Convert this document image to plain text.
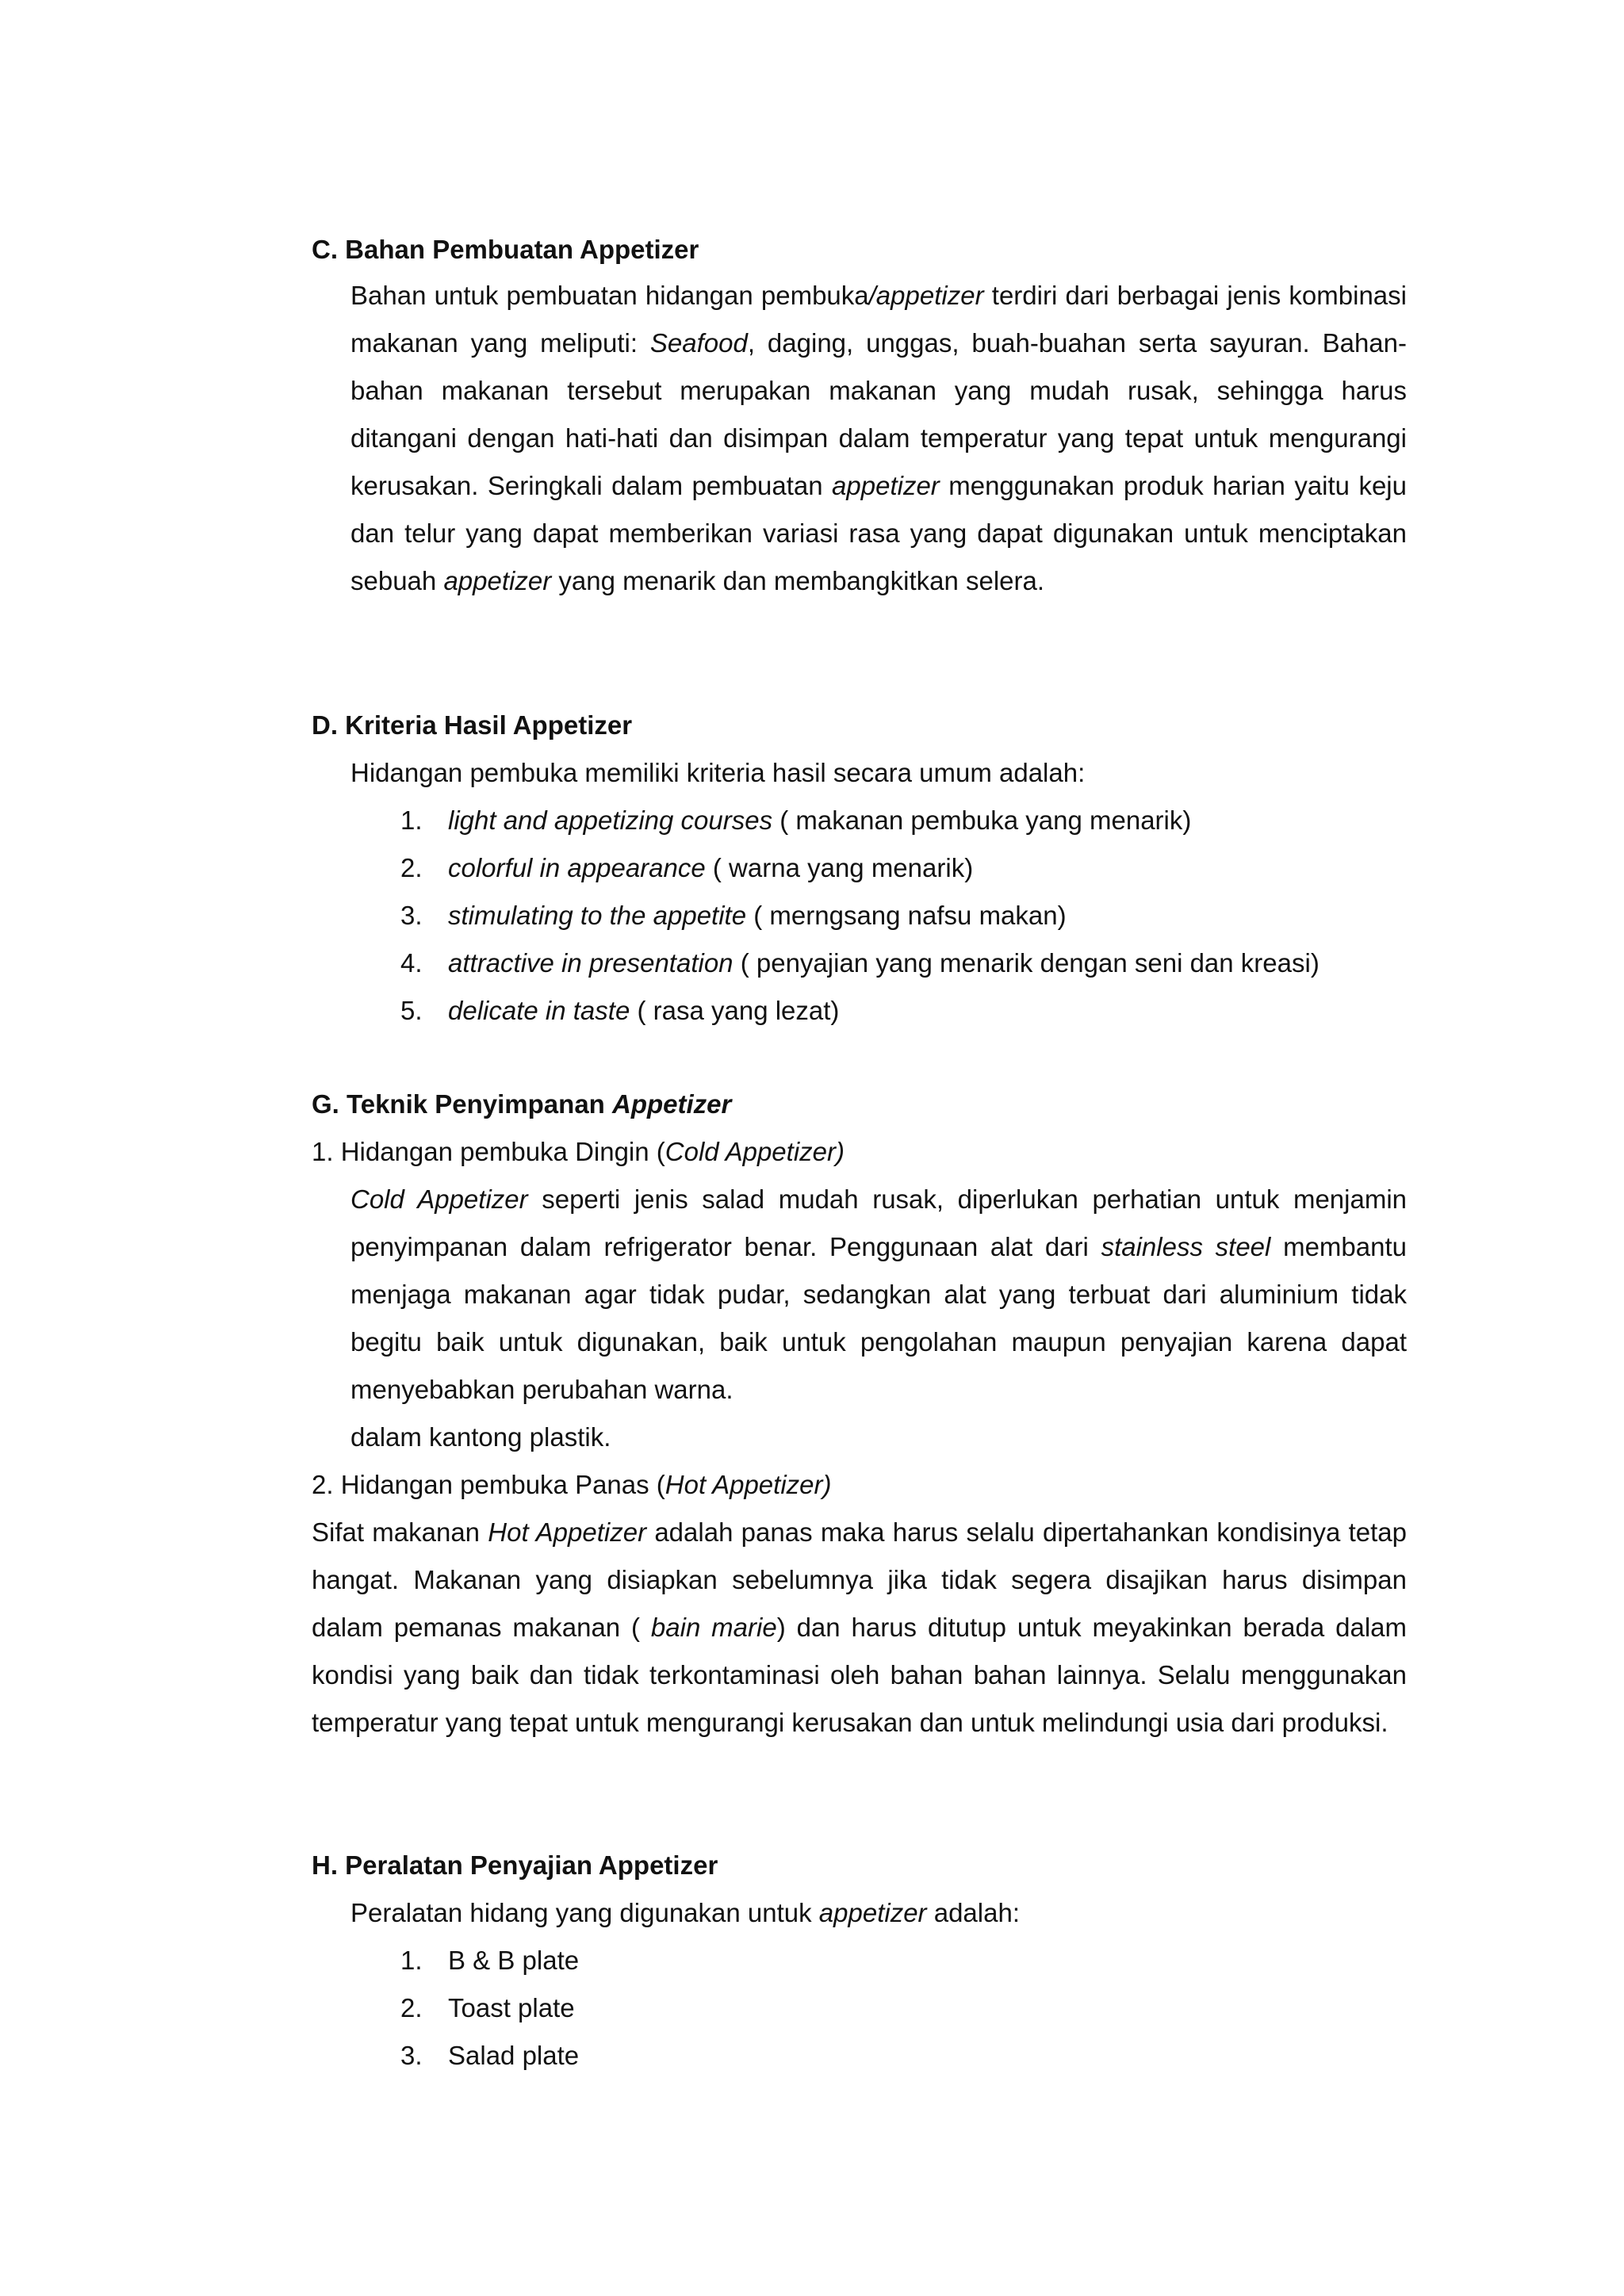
C. Bahan Pembuatan Appetizer
Bahan untuk pembuatan hidangan pembuka/appetizer terdiri dari berbagai jenis kombinasi makanan yang meliputi: Seafood, daging, unggas, buah-buahan serta sayuran. Bahan-bahan makanan tersebut merupakan makanan yang mudah rusak, sehingga harus ditangani dengan hati-hati dan disimpan dalam temperatur yang tepat untuk mengurangi kerusakan. Seringkali dalam pembuatan appetizer menggunakan produk harian yaitu keju dan telur yang dapat memberikan variasi rasa yang dapat digunakan untuk menciptakan sebuah appetizer yang menarik dan membangkitkan selera.
D. Kriteria Hasil Appetizer
Hidangan pembuka memiliki kriteria hasil secara umum adalah:
1. light and appetizing courses ( makanan pembuka yang menarik)
2. colorful in appearance ( warna yang menarik)
3. stimulating to the appetite ( merngsang nafsu makan)
4. attractive in presentation ( penyajian yang menarik dengan seni dan kreasi)
5. delicate in taste ( rasa yang lezat)
G. Teknik Penyimpanan Appetizer
1. Hidangan pembuka Dingin (Cold Appetizer)
Cold Appetizer seperti jenis salad mudah rusak, diperlukan perhatian untuk menjamin penyimpanan dalam refrigerator benar. Penggunaan alat dari stainless steel membantu menjaga makanan agar tidak pudar, sedangkan alat yang terbuat dari aluminium tidak begitu baik untuk digunakan, baik untuk pengolahan maupun penyajian karena dapat menyebabkan perubahan warna.
dalam kantong plastik.
2. Hidangan pembuka Panas (Hot Appetizer)
Sifat makanan Hot Appetizer adalah panas maka harus selalu dipertahankan kondisinya tetap hangat. Makanan yang disiapkan sebelumnya jika tidak segera disajikan harus disimpan dalam pemanas makanan ( bain marie) dan harus ditutup untuk meyakinkan berada dalam kondisi yang baik dan tidak terkontaminasi oleh bahan bahan lainnya. Selalu menggunakan temperatur yang tepat untuk mengurangi kerusakan dan untuk melindungi usia dari produksi.
H. Peralatan Penyajian Appetizer
Peralatan hidang yang digunakan untuk appetizer adalah:
1. B & B plate
2. Toast plate
3. Salad plate
